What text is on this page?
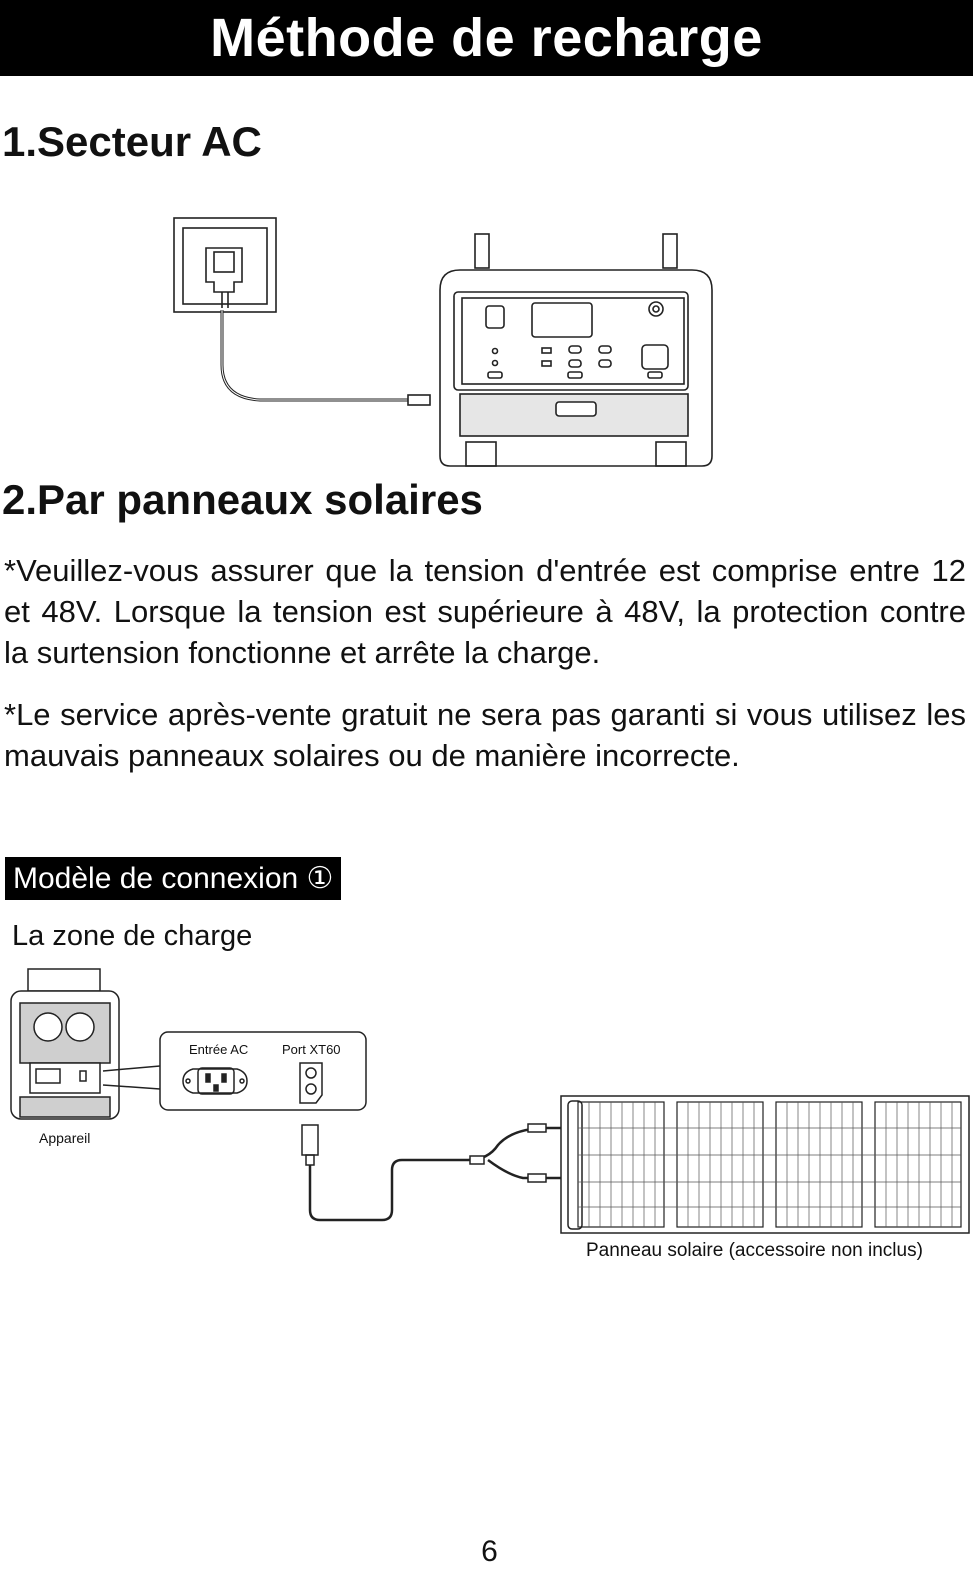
Méthode de recharge
1.Secteur AC
2.Par panneaux solaires

*Veuillez-vous assurer que la tension d'entrée est comprise entre 12 et 48V. Lorsque la tension est supérieure à 48V, la protection contre la surtension fonctionne et arrête la charge.

*Le service après-vente gratuit ne sera pas garanti si vous utilisez les mauvais panneaux solaires ou de manière incorrecte.

Modèle de connexion ①
La zone de charge
Appareil
Entrée AC	Port XT60
Panneau solaire (accessoire non inclus)
6
